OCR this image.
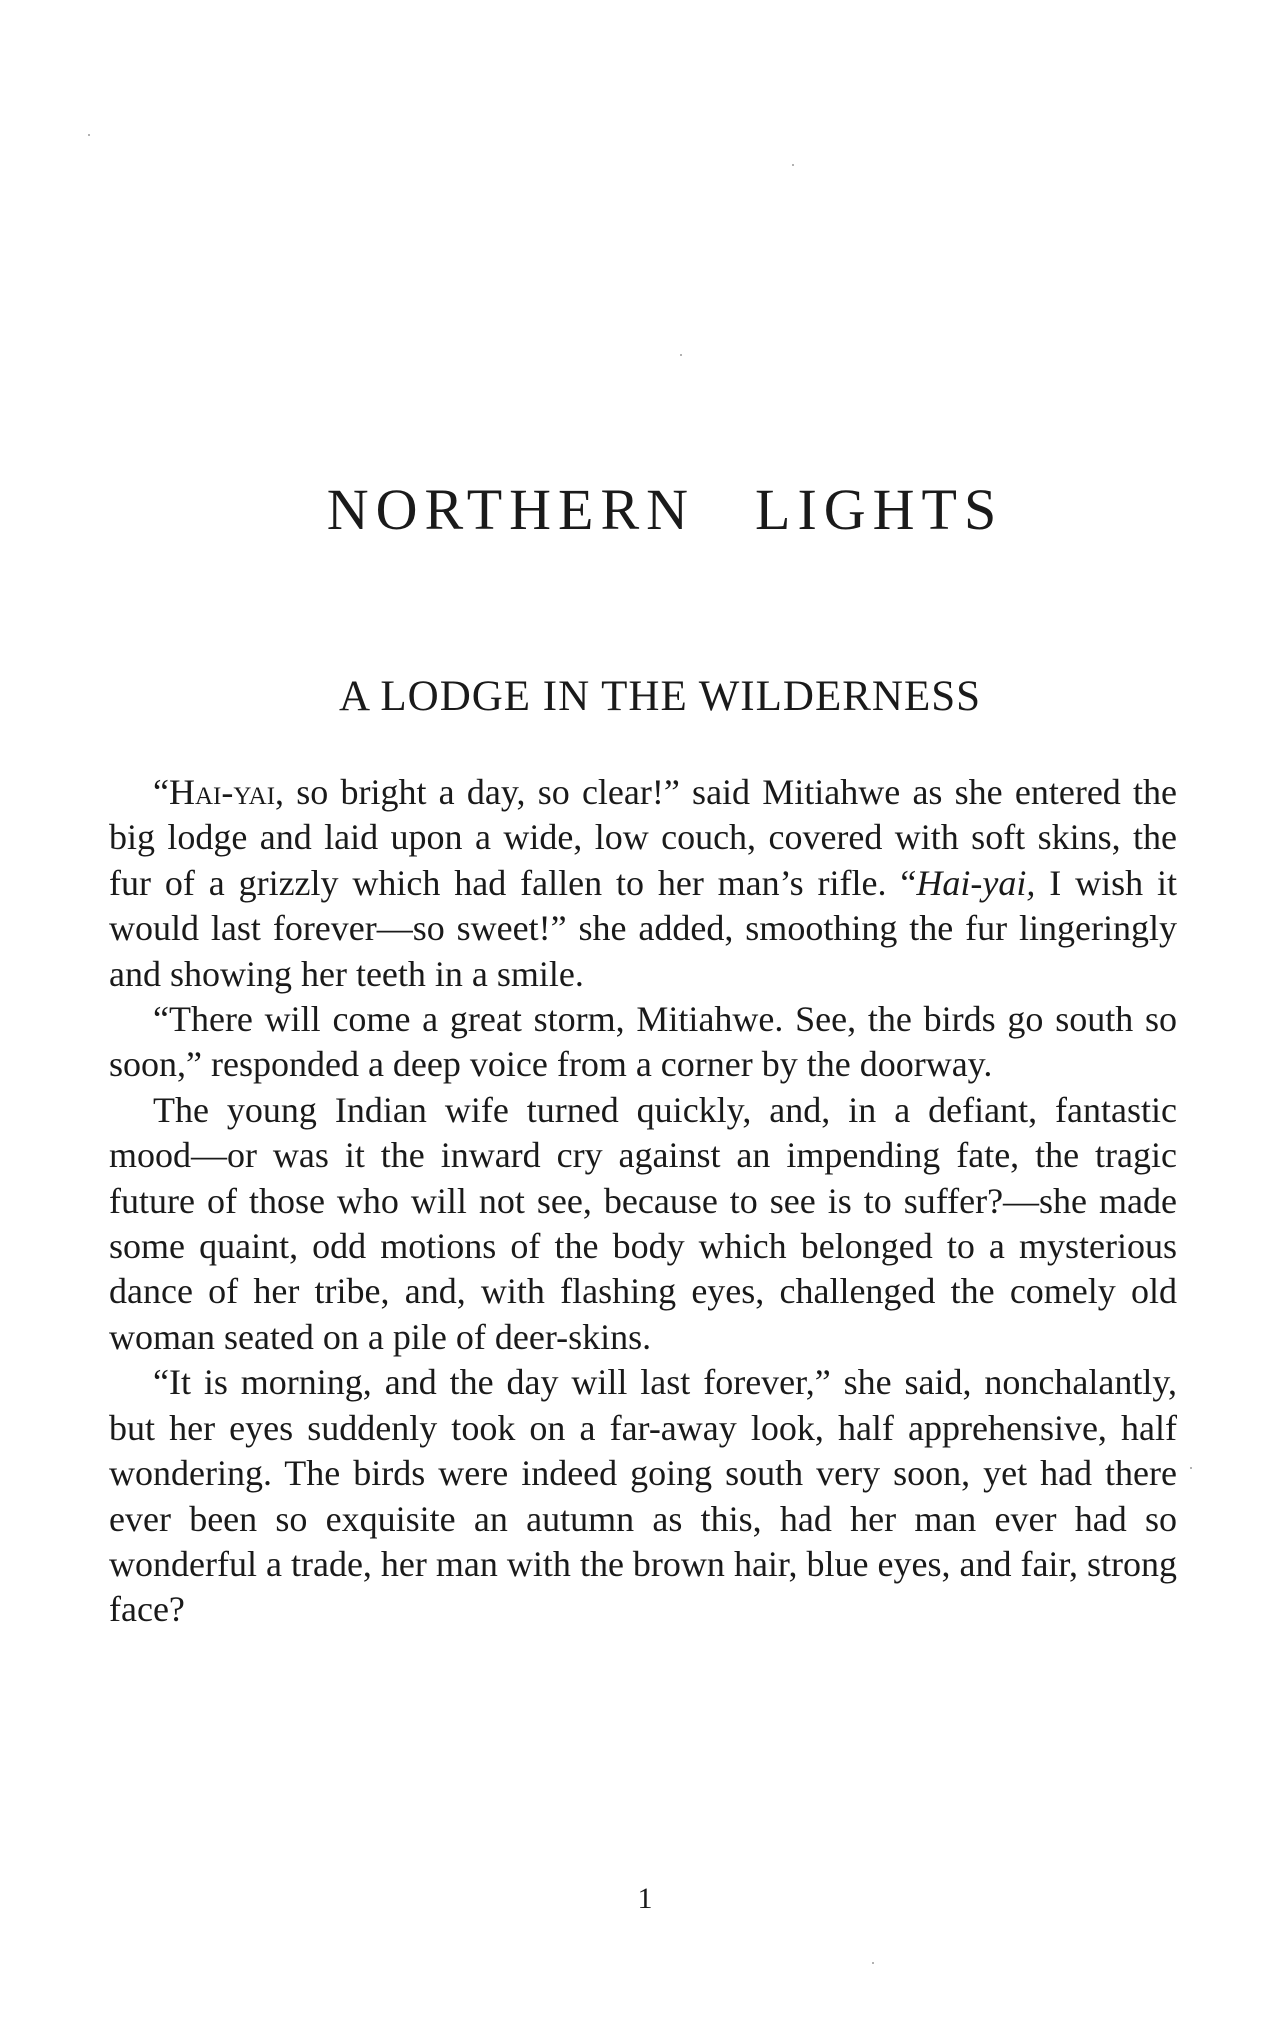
NORTHERN LIGHTS
A LODGE IN THE WILDERNESS

“Hai-yai, so bright a day, so clear!” said Mitiahwe as she entered the big lodge and laid upon a wide, low couch, covered with soft skins, the fur of a grizzly which had fallen to her man’s rifle. “Hai-yai, I wish it would last forever—so sweet!” she added, smoothing the fur lingeringly and showing her teeth in a smile.

“There will come a great storm, Mitiahwe. See, the birds go south so soon,” responded a deep voice from a corner by the doorway.

The young Indian wife turned quickly, and, in a defiant, fantastic mood—or was it the inward cry against an impending fate, the tragic future of those who will not see, because to see is to suffer?—she made some quaint, odd motions of the body which belonged to a mysterious dance of her tribe, and, with flashing eyes, challenged the comely old woman seated on a pile of deer-skins.

“It is morning, and the day will last forever,” she said, nonchalantly, but her eyes suddenly took on a far-away look, half apprehensive, half wondering. The birds were indeed going south very soon, yet had there ever been so exquisite an autumn as this, had her man ever had so wonderful a trade, her man with the brown hair, blue eyes, and fair, strong face?

1
